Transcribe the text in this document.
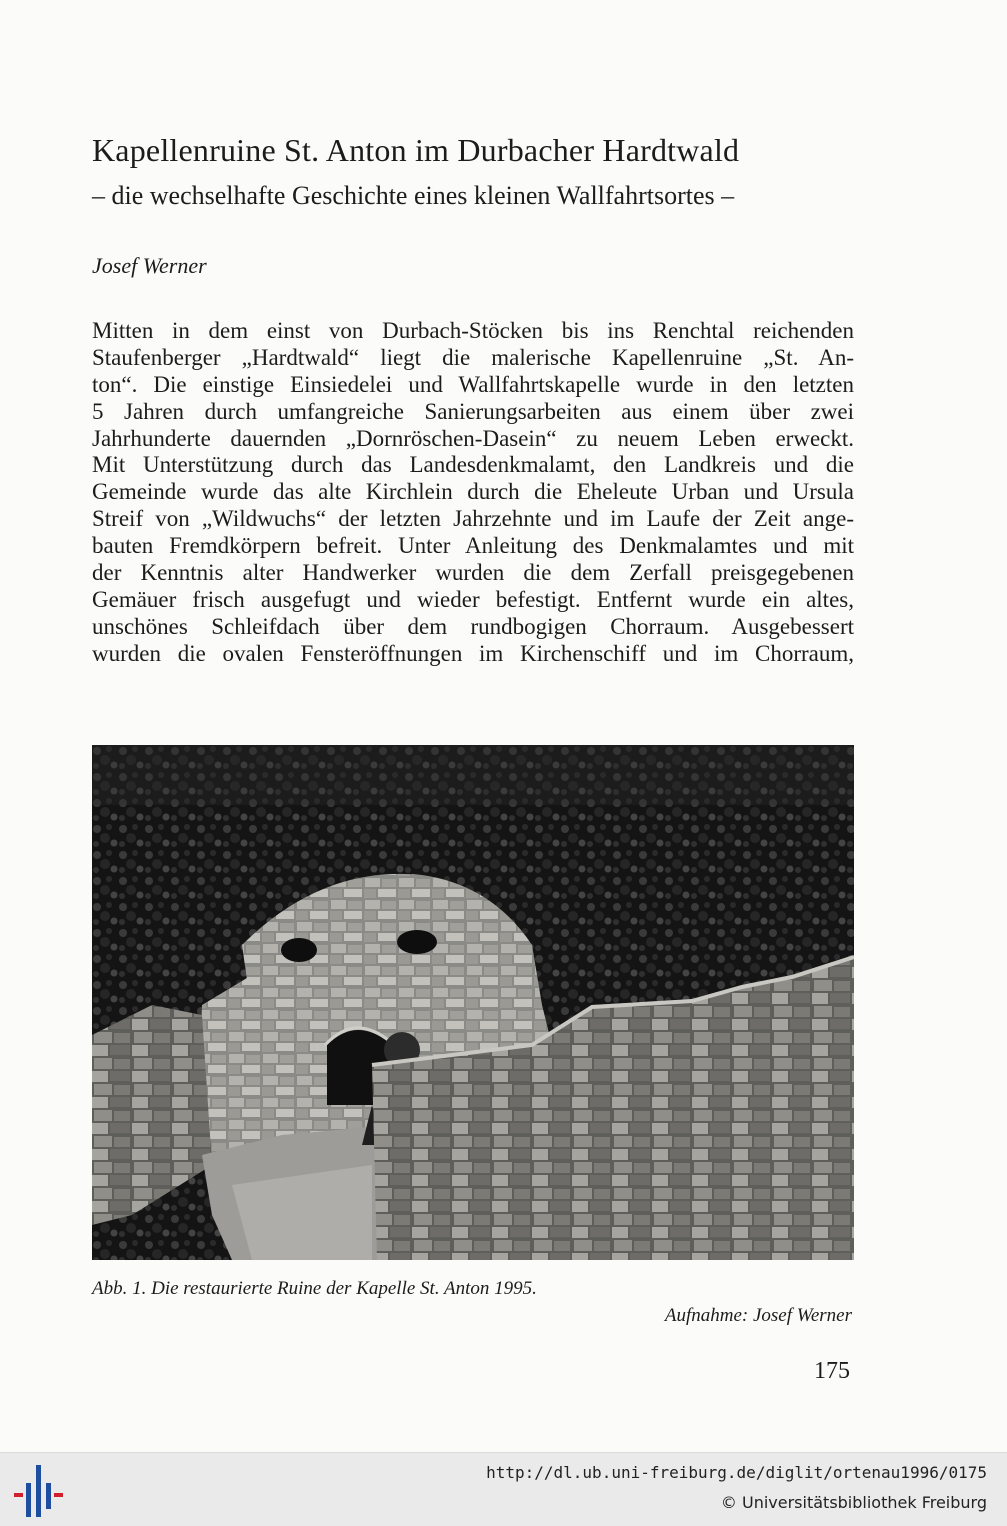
Kapellenruine St. Anton im Durbacher Hardtwald
– die wechselhafte Geschichte eines kleinen Wallfahrtsortes –
Josef Werner
Mitten in dem einst von Durbach-Stöcken bis ins Renchtal reichenden
Staufenberger „Hardtwald“ liegt die malerische Kapellenruine „St. An-
ton“. Die einstige Einsiedelei und Wallfahrtskapelle wurde in den letzten
5 Jahren durch umfangreiche Sanierungsarbeiten aus einem über zwei
Jahrhunderte dauernden „Dornröschen-Dasein“ zu neuem Leben erweckt.
Mit Unterstützung durch das Landesdenkmalamt, den Landkreis und die
Gemeinde wurde das alte Kirchlein durch die Eheleute Urban und Ursula
Streif von „Wildwuchs“ der letzten Jahrzehnte und im Laufe der Zeit ange-
bauten Fremdkörpern befreit. Unter Anleitung des Denkmalamtes und mit
der Kenntnis alter Handwerker wurden die dem Zerfall preisgegebenen
Gemäuer frisch ausgefugt und wieder befestigt. Entfernt wurde ein altes,
unschönes Schleifdach über dem rundbogigen Chorraum. Ausgebessert
wurden die ovalen Fensteröffnungen im Kirchenschiff und im Chorraum,
Abb. 1. Die restaurierte Ruine der Kapelle St. Anton 1995.
Aufnahme: Josef Werner
175
http://dl.ub.uni-freiburg.de/diglit/ortenau1996/0175
© Universitätsbibliothek Freiburg
